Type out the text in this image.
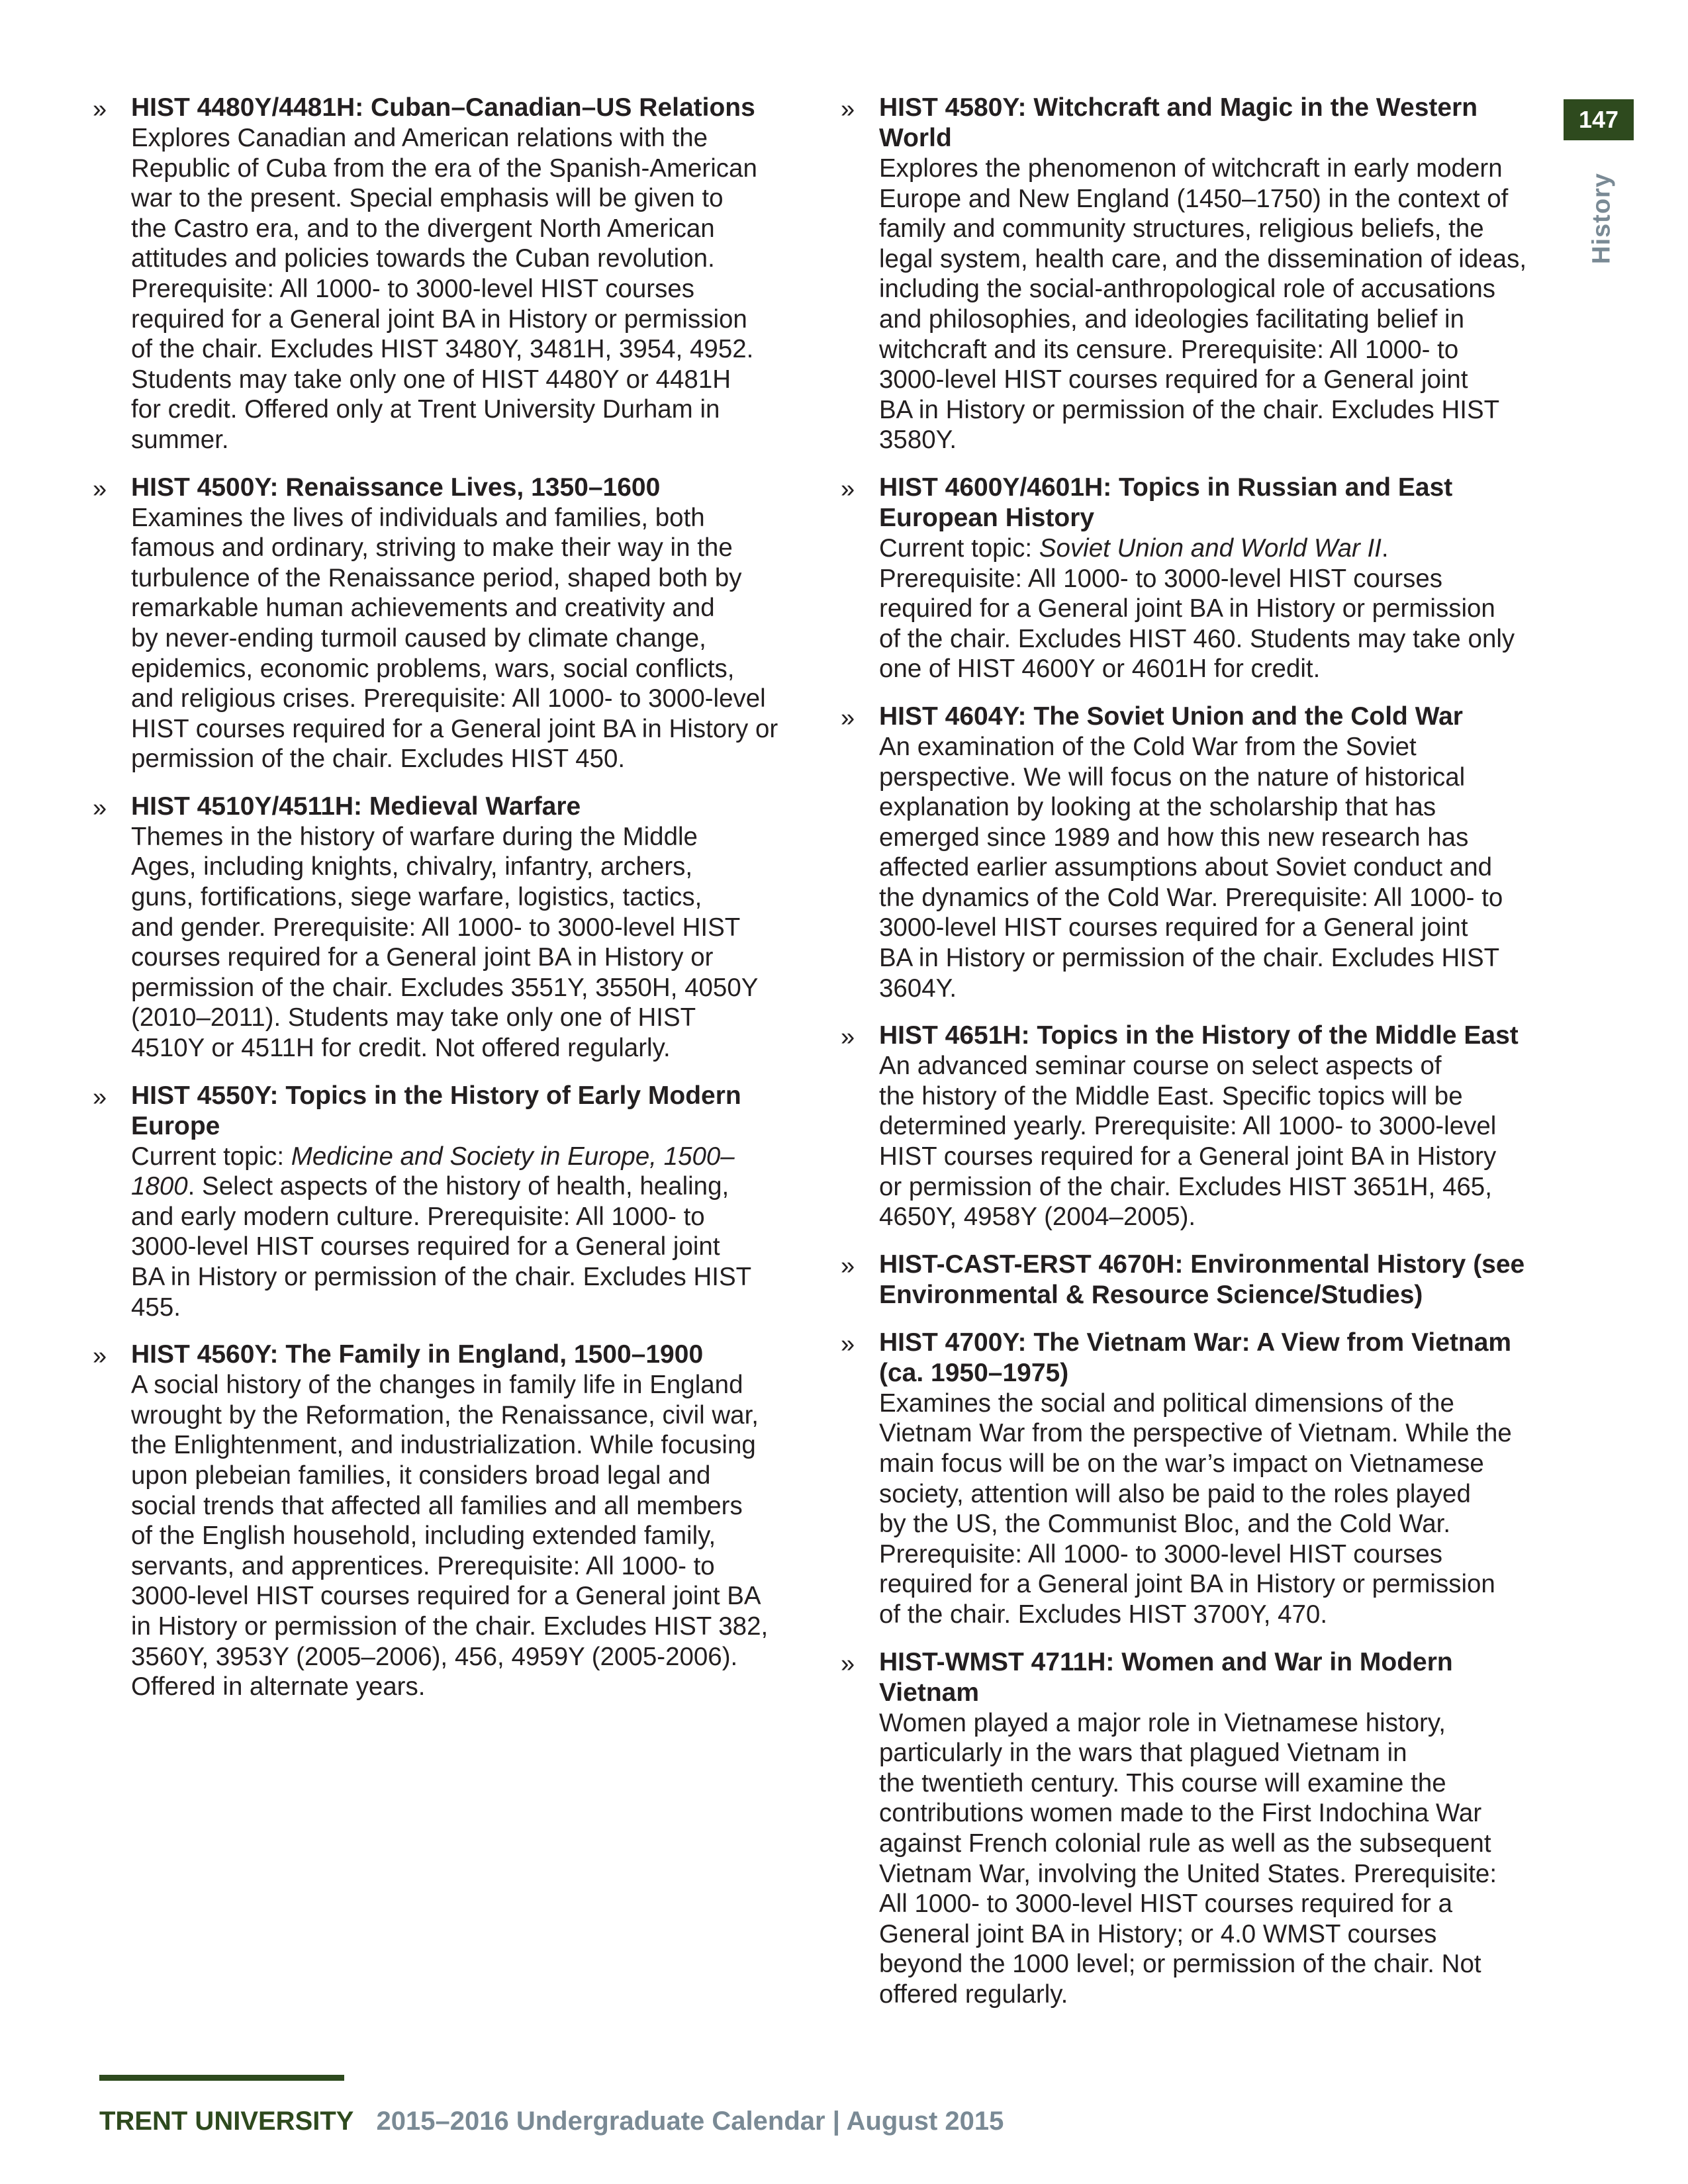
» HIST 4480Y/4481H: Cuban–Canadian–US Relations

Explores Canadian and American relations with the
Republic of Cuba from the era of the Spanish-American
war to the present. Special emphasis will be given to
the Castro era, and to the divergent North American
attitudes and policies towards the Cuban revolution.
Prerequisite: All 1000- to 3000-level HIST courses
required for a General joint BA in History or permission
of the chair. Excludes HIST 3480Y, 3481H, 3954, 4952.
Students may take only one of HIST 4480Y or 4481H
for credit. Offered only at Trent University Durham in
summer.
» HIST 4500Y: Renaissance Lives, 1350–1600

Examines the lives of individuals and families, both
famous and ordinary, striving to make their way in the
turbulence of the Renaissance period, shaped both by
remarkable human achievements and creativity and
by never-ending turmoil caused by climate change,
epidemics, economic problems, wars, social conflicts,
and religious crises. Prerequisite: All 1000- to 3000-level
HIST courses required for a General joint BA in History or
permission of the chair. Excludes HIST 450.
» HIST 4510Y/4511H: Medieval Warfare

Themes in the history of warfare during the Middle
Ages, including knights, chivalry, infantry, archers,
guns, fortifications, siege warfare, logistics, tactics,
and gender. Prerequisite: All 1000- to 3000-level HIST
courses required for a General joint BA in History or
permission of the chair. Excludes 3551Y, 3550H, 4050Y
(2010–2011). Students may take only one of HIST
4510Y or 4511H for credit. Not offered regularly.
» HIST 4550Y: Topics in the History of Early Modern Europe

Current topic: Medicine and Society in Europe, 1500–1800. Select aspects of the history of health, healing,
and early modern culture. Prerequisite: All 1000- to
3000-level HIST courses required for a General joint
BA in History or permission of the chair. Excludes HIST
455.
» HIST 4560Y: The Family in England, 1500–1900

A social history of the changes in family life in England
wrought by the Reformation, the Renaissance, civil war,
the Enlightenment, and industrialization. While focusing
upon plebeian families, it considers broad legal and
social trends that affected all families and all members
of the English household, including extended family,
servants, and apprentices. Prerequisite: All 1000- to
3000-level HIST courses required for a General joint BA
in History or permission of the chair. Excludes HIST 382,
3560Y, 3953Y (2005–2006), 456, 4959Y (2005-2006).
Offered in alternate years.
» HIST 4580Y: Witchcraft and Magic in the Western World

Explores the phenomenon of witchcraft in early modern
Europe and New England (1450–1750) in the context of
family and community structures, religious beliefs, the
legal system, health care, and the dissemination of ideas,
including the social-anthropological role of accusations
and philosophies, and ideologies facilitating belief in
witchcraft and its censure. Prerequisite: All 1000- to
3000-level HIST courses required for a General joint
BA in History or permission of the chair. Excludes HIST
3580Y.
» HIST 4600Y/4601H: Topics in Russian and East European History

Current topic: Soviet Union and World War II.
Prerequisite: All 1000- to 3000-level HIST courses
required for a General joint BA in History or permission
of the chair. Excludes HIST 460. Students may take only
one of HIST 4600Y or 4601H for credit.
» HIST 4604Y: The Soviet Union and the Cold War

An examination of the Cold War from the Soviet
perspective. We will focus on the nature of historical
explanation by looking at the scholarship that has
emerged since 1989 and how this new research has
affected earlier assumptions about Soviet conduct and
the dynamics of the Cold War. Prerequisite: All 1000- to
3000-level HIST courses required for a General joint
BA in History or permission of the chair. Excludes HIST
3604Y.
» HIST 4651H: Topics in the History of the Middle East

An advanced seminar course on select aspects of
the history of the Middle East. Specific topics will be
determined yearly. Prerequisite: All 1000- to 3000-level
HIST courses required for a General joint BA in History
or permission of the chair. Excludes HIST 3651H, 465,
4650Y, 4958Y (2004–2005).
» HIST-CAST-ERST 4670H: Environmental History (see Environmental & Resource Science/Studies)

» HIST 4700Y: The Vietnam War: A View from Vietnam (ca. 1950–1975)

Examines the social and political dimensions of the
Vietnam War from the perspective of Vietnam. While the
main focus will be on the war’s impact on Vietnamese
society, attention will also be paid to the roles played
by the US, the Communist Bloc, and the Cold War.
Prerequisite: All 1000- to 3000-level HIST courses
required for a General joint BA in History or permission
of the chair. Excludes HIST 3700Y, 470.
» HIST-WMST 4711H: Women and War in Modern Vietnam

Women played a major role in Vietnamese history,
particularly in the wars that plagued Vietnam in
the twentieth century. This course will examine the
contributions women made to the First Indochina War
against French colonial rule as well as the subsequent
Vietnam War, involving the United States. Prerequisite:
All 1000- to 3000-level HIST courses required for a
General joint BA in History; or 4.0 WMST courses
beyond the 1000 level; or permission of the chair. Not
offered regularly.
147
History
TRENT UNIVERSITY 2015–2016 Undergraduate Calendar | August 2015
